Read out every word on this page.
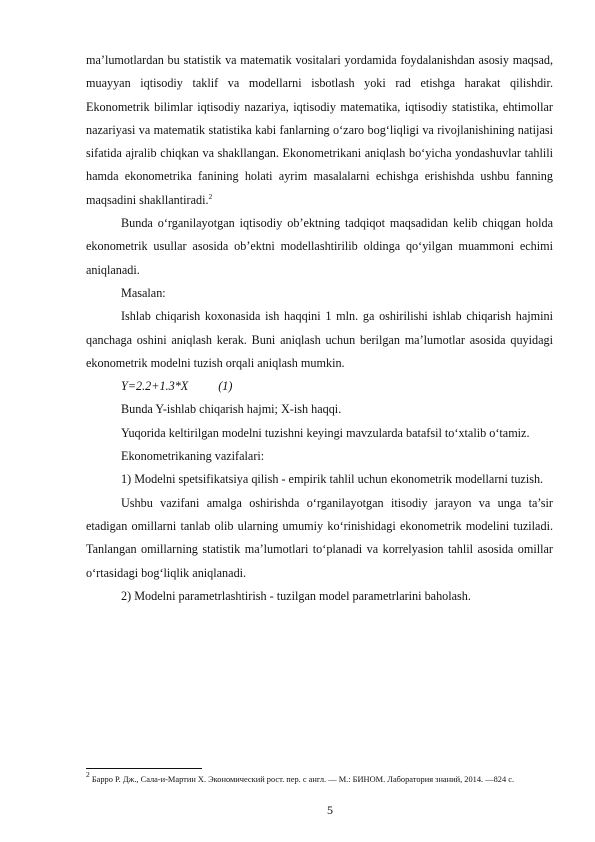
ma’lumotlardan bu statistik va matematik vositalari yordamida foydalanishdan asosiy maqsad, muayyan iqtisodiy taklif va modellarni isbotlash yoki rad etishga harakat qilishdir. Ekonometrik bilimlar iqtisodiy nazariya, iqtisodiy matematika, iqtisodiy statistika, ehtimollar nazariyasi va matematik statistika kabi fanlarning o‘zaro bog‘liqligi va rivojlanishining natijasi sifatida ajralib chiqkan va shakllangan. Ekonometrikani aniqlash bo‘yicha yondashuvlar tahlili hamda ekonometrika fanining holati ayrim masalalarni echishga erishishda ushbu fanning maqsadini shakllantiradi.$^2$

Bunda o‘rganilayotgan iqtisodiy ob’ektning tadqiqot maqsadidan kelib chiqgan holda ekonometrik usullar asosida ob’ektni modellashtirilib oldinga qo‘yilgan muammoni echimi aniqlanadi.

Masalan:

Ishlab chiqarish koxonasida ish haqqini 1 mln. ga oshirilishi ishlab chiqarish hajmini qanchaga oshini aniqlash kerak. Buni aniqlash uchun berilgan ma’lumotlar asosida quyidagi ekonometrik modelni tuzish orqali aniqlash mumkin.

Y=2.2+1.3*X (1)

Bunda Y-ishlab chiqarish hajmi; X-ish haqqi.

Yuqorida keltirilgan modelni tuzishni keyingi mavzularda batafsil to‘xtalib o‘tamiz.

Ekonometrikaning vazifalari:

1) Modelni spetsifikatsiya qilish - empirik tahlil uchun ekonometrik modellarni tuzish.

Ushbu vazifani amalga oshirishda o‘rganilayotgan itisodiy jarayon va unga ta’sir etadigan omillarni tanlab olib ularning umumiy ko‘rinishidagi ekonometrik modelini tuziladi. Tanlangan omillarning statistik ma’lumotlari to‘planadi va korrelyasion tahlil asosida omillar o‘rtasidagi bog‘liqlik aniqlanadi.

2) Modelni parametrlashtirish - tuzilgan model parametrlarini baholash.

$^2$ Барро Р. Дж., Сала-и-Мартин Х. Экономический рост. пер. с англ. — М.: БИНОМ. Лаборатория знаний, 2014. —824 с.
5
